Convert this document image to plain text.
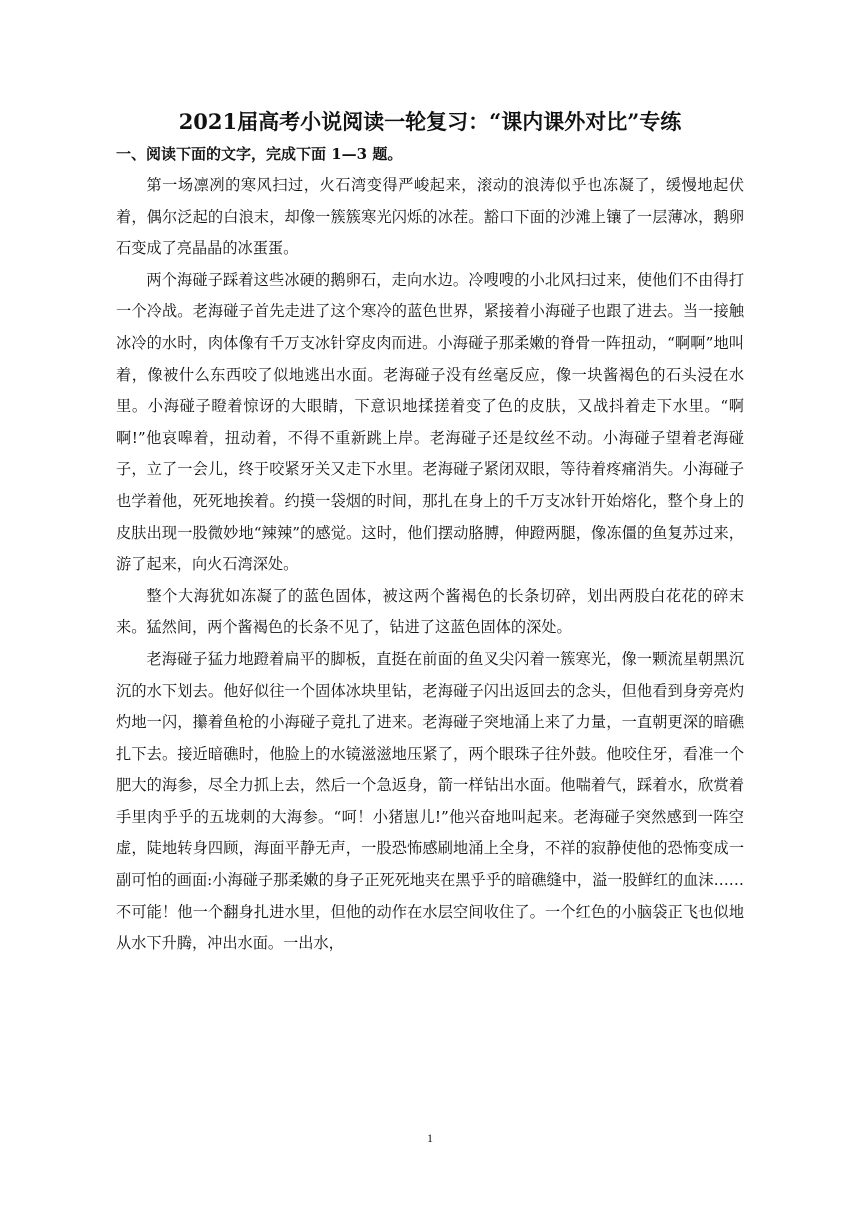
2021届高考小说阅读一轮复习：“课内课外对比”专练
一、阅读下面的文字，完成下面 1—3 题。

第一场凛冽的寒风扫过，火石湾变得严峻起来，滚动的浪涛似乎也冻凝了，缓慢地起伏着，偶尔泛起的白浪末，却像一簇簇寒光闪烁的冰茬。豁口下面的沙滩上镶了一层薄冰，鹅卵石变成了亮晶晶的冰蛋蛋。

两个海碰子踩着这些冰硬的鹅卵石，走向水边。冷嗖嗖的小北风扫过来，使他们不由得打一个冷战。老海碰子首先走进了这个寒冷的蓝色世界，紧接着小海碰子也跟了进去。当一接触冰冷的水时，肉体像有千万支冰针穿皮肉而进。小海碰子那柔嫩的脊骨一阵扭动，“啊啊”地叫着，像被什么东西咬了似地逃出水面。老海碰子没有丝毫反应，像一块酱褐色的石头浸在水里。小海碰子瞪着惊讶的大眼睛，下意识地揉搓着变了色的皮肤，又战抖着走下水里。“啊啊!”他哀嗥着，扭动着，不得不重新跳上岸。老海碰子还是纹丝不动。小海碰子望着老海碰子，立了一会儿，终于咬紧牙关又走下水里。老海碰子紧闭双眼，等待着疼痛消失。小海碰子也学着他，死死地挨着。约摸一袋烟的时间，那扎在身上的千万支冰针开始熔化，整个身上的皮肤出现一股微妙地“辣辣”的感觉。这时，他们摆动胳膊，伸蹬两腿，像冻僵的鱼复苏过来，游了起来，向火石湾深处。

整个大海犹如冻凝了的蓝色固体，被这两个酱褐色的长条切碎，划出两股白花花的碎末来。猛然间，两个酱褐色的长条不见了，钻进了这蓝色固体的深处。

老海碰子猛力地蹬着扁平的脚板，直挺在前面的鱼叉尖闪着一簇寒光，像一颗流星朝黑沉沉的水下划去。他好似往一个固体冰块里钻，老海碰子闪出返回去的念头，但他看到身旁亮灼灼地一闪，攥着鱼枪的小海碰子竟扎了进来。老海碰子突地涌上来了力量，一直朝更深的暗礁扎下去。接近暗礁时，他脸上的水镜滋滋地压紧了，两个眼珠子往外鼓。他咬住牙，看准一个肥大的海参，尽全力抓上去，然后一个急返身，箭一样钻出水面。他喘着气，踩着水，欣赏着手里肉乎乎的五垅刺的大海参。“呵！小猪崽儿!”他兴奋地叫起来。老海碰子突然感到一阵空虚，陡地转身四顾，海面平静无声，一股恐怖感刷地涌上全身，不祥的寂静使他的恐怖变成一副可怕的画面:小海碰子那柔嫩的身子正死死地夹在黑乎乎的暗礁缝中，溢一股鲜红的血沫……不可能！他一个翻身扎进水里，但他的动作在水层空间收住了。一个红色的小脑袋正飞也似地从水下升腾，冲出水面。一出水，

1
